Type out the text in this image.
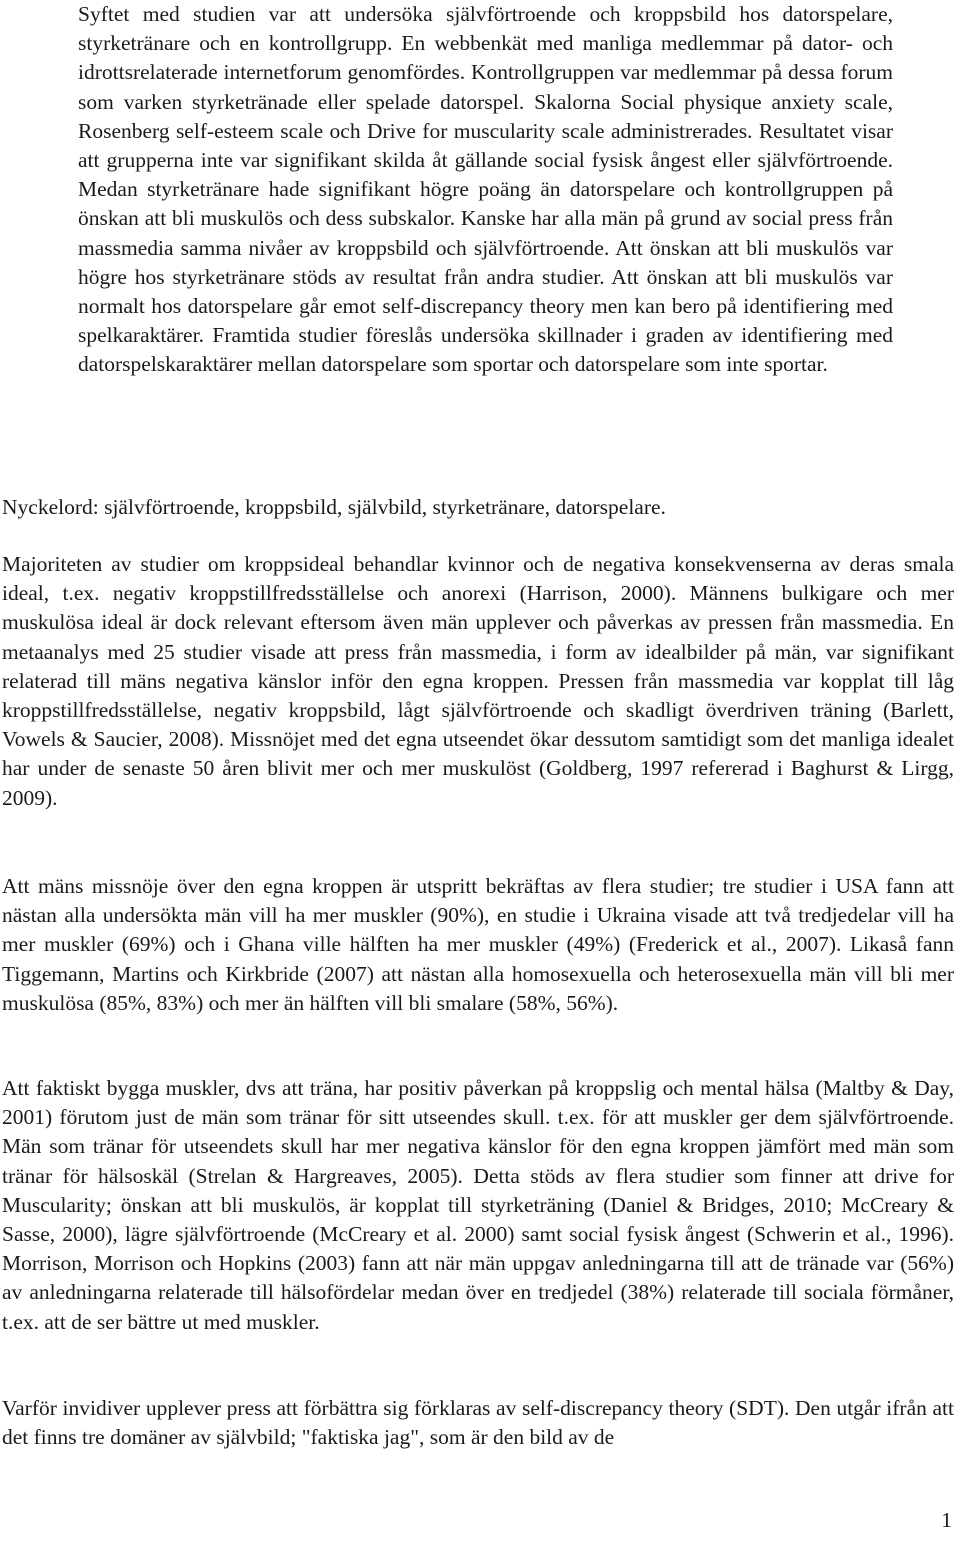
Syftet med studien var att undersöka självförtroende och kroppsbild hos datorspelare, styrketränare och en kontrollgrupp. En webbenkät med manliga medlemmar på dator- och idrottsrelaterade internetforum genomfördes. Kontrollgruppen var medlemmar på dessa forum som varken styrketränade eller spelade datorspel. Skalorna Social physique anxiety scale, Rosenberg self-esteem scale och Drive for muscularity scale administrerades. Resultatet visar att grupperna inte var signifikant skilda åt gällande social fysisk ångest eller självförtroende. Medan styrketränare hade signifikant högre poäng än datorspelare och kontrollgruppen på önskan att bli muskulös och dess subskalor. Kanske har alla män på grund av social press från massmedia samma nivåer av kroppsbild och självförtroende. Att önskan att bli muskulös var högre hos styrketränare stöds av resultat från andra studier. Att önskan att bli muskulös var normalt hos datorspelare går emot self-discrepancy theory men kan bero på identifiering med spelkaraktärer. Framtida studier föreslås undersöka skillnader i graden av identifiering med datorspelskaraktärer mellan datorspelare som sportar och datorspelare som inte sportar.

Nyckelord: självförtroende, kroppsbild, självbild, styrketränare, datorspelare.

Majoriteten av studier om kroppsideal behandlar kvinnor och de negativa konsekvenserna av deras smala ideal, t.ex. negativ kroppstillfredsställelse och anorexi (Harrison, 2000). Männens bulkigare och mer muskulösa ideal är dock relevant eftersom även män upplever och påverkas av pressen från massmedia. En metaanalys med 25 studier visade att press från massmedia, i form av idealbilder på män, var signifikant relaterad till mäns negativa känslor inför den egna kroppen. Pressen från massmedia var kopplat till låg kroppstillfredsställelse, negativ kroppsbild, lågt självförtroende och skadligt överdriven träning (Barlett, Vowels & Saucier, 2008). Missnöjet med det egna utseendet ökar dessutom samtidigt som det manliga idealet har under de senaste 50 åren blivit mer och mer muskulöst (Goldberg, 1997 refererad i Baghurst & Lirgg, 2009).

Att mäns missnöje över den egna kroppen är utspritt bekräftas av flera studier; tre studier i USA fann att nästan alla undersökta män vill ha mer muskler (90%), en studie i Ukraina visade att två tredjedelar vill ha mer muskler (69%) och i Ghana ville hälften ha mer muskler (49%) (Frederick et al., 2007). Likaså fann Tiggemann, Martins och Kirkbride (2007) att nästan alla homosexuella och heterosexuella män vill bli mer muskulösa (85%, 83%) och mer än hälften vill bli smalare (58%, 56%).

Att faktiskt bygga muskler, dvs att träna, har positiv påverkan på kroppslig och mental hälsa (Maltby & Day, 2001) förutom just de män som tränar för sitt utseendes skull. t.ex. för att muskler ger dem självförtroende. Män som tränar för utseendets skull har mer negativa känslor för den egna kroppen jämfört med män som tränar för hälsoskäl (Strelan & Hargreaves, 2005). Detta stöds av flera studier som finner att drive for Muscularity; önskan att bli muskulös, är kopplat till styrketräning (Daniel & Bridges, 2010; McCreary & Sasse, 2000), lägre självförtroende (McCreary et al. 2000) samt social fysisk ångest (Schwerin et al., 1996). Morrison, Morrison och Hopkins (2003) fann att när män uppgav anledningarna till att de tränade var (56%) av anledningarna relaterade till hälsofördelar medan över en tredjedel (38%) relaterade till sociala förmåner, t.ex. att de ser bättre ut med muskler.

Varför invidiver upplever press att förbättra sig förklaras av self-discrepancy theory (SDT). Den utgår ifrån att det finns tre domäner av självbild; "faktiska jag", som är den bild av de

1
